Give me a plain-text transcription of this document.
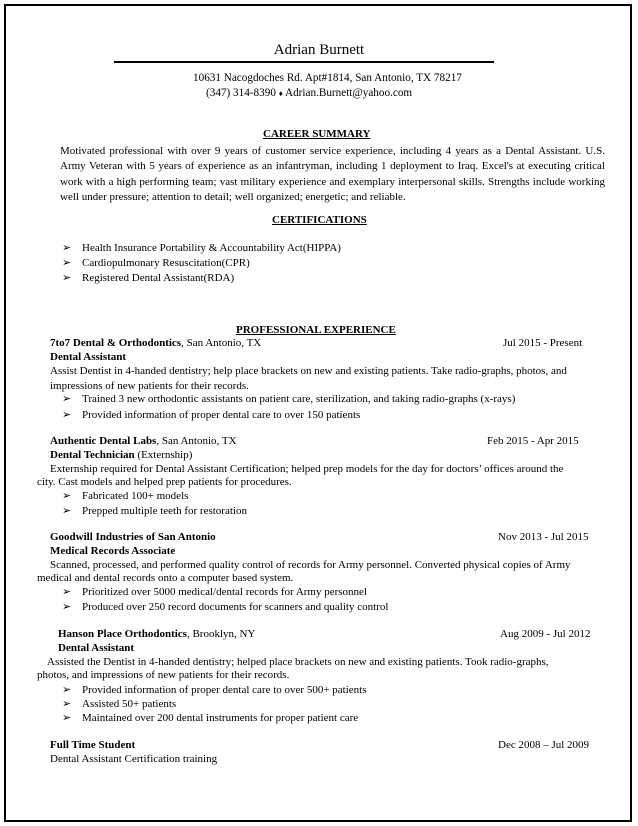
Adrian Burnett
10631 Nacogdoches Rd. Apt#1814, San Antonio, TX 78217
(347) 314-8390 ♦ Adrian.Burnett@yahoo.com
CAREER SUMMARY
Motivated professional with over 9 years of customer service experience, including 4 years as a Dental Assistant. U.S. Army Veteran with 5 years of experience as an infantryman, including 1 deployment to Iraq. Excel's at executing critical work with a high performing team; vast military experience and exemplary interpersonal skills. Strengths include working well under pressure; attention to detail; well organized; energetic; and reliable.
CERTIFICATIONS
➢ Health Insurance Portability & Accountability Act(HIPPA)
➢ Cardiopulmonary Resuscitation(CPR)
➢ Registered Dental Assistant(RDA)
PROFESSIONAL EXPERIENCE
7to7 Dental & Orthodontics, San Antonio, TX	Jul 2015 - Present
Dental Assistant
Assist Dentist in 4-handed dentistry; help place brackets on new and existing patients. Take radio-graphs, photos, and impressions of new patients for their records.
➢ Trained 3 new orthodontic assistants on patient care, sterilization, and taking radio-graphs (x-rays)
➢ Provided information of proper dental care to over 150 patients
Authentic Dental Labs, San Antonio, TX	Feb 2015 - Apr 2015
Dental Technician (Externship)
Externship required for Dental Assistant Certification; helped prep models for the day for doctors’ offices around the
city. Cast models and helped prep patients for procedures.
➢ Fabricated 100+ models
➢ Prepped multiple teeth for restoration
Goodwill Industries of San Antonio	Nov 2013 - Jul 2015
Medical Records Associate
Scanned, processed, and performed quality control of records for Army personnel. Converted physical copies of Army
medical and dental records onto a computer based system.
➢ Prioritized over 5000 medical/dental records for Army personnel
➢ Produced over 250 record documents for scanners and quality control
Hanson Place Orthodontics, Brooklyn, NY	Aug 2009 - Jul 2012
Dental Assistant
Assisted the Dentist in 4-handed dentistry; helped place brackets on new and existing patients. Took radio-graphs,
photos, and impressions of new patients for their records.
➢ Provided information of proper dental care to over 500+ patients
➢ Assisted 50+ patients
➢ Maintained over 200 dental instruments for proper patient care
Full Time Student	Dec 2008 – Jul 2009
Dental Assistant Certification training
